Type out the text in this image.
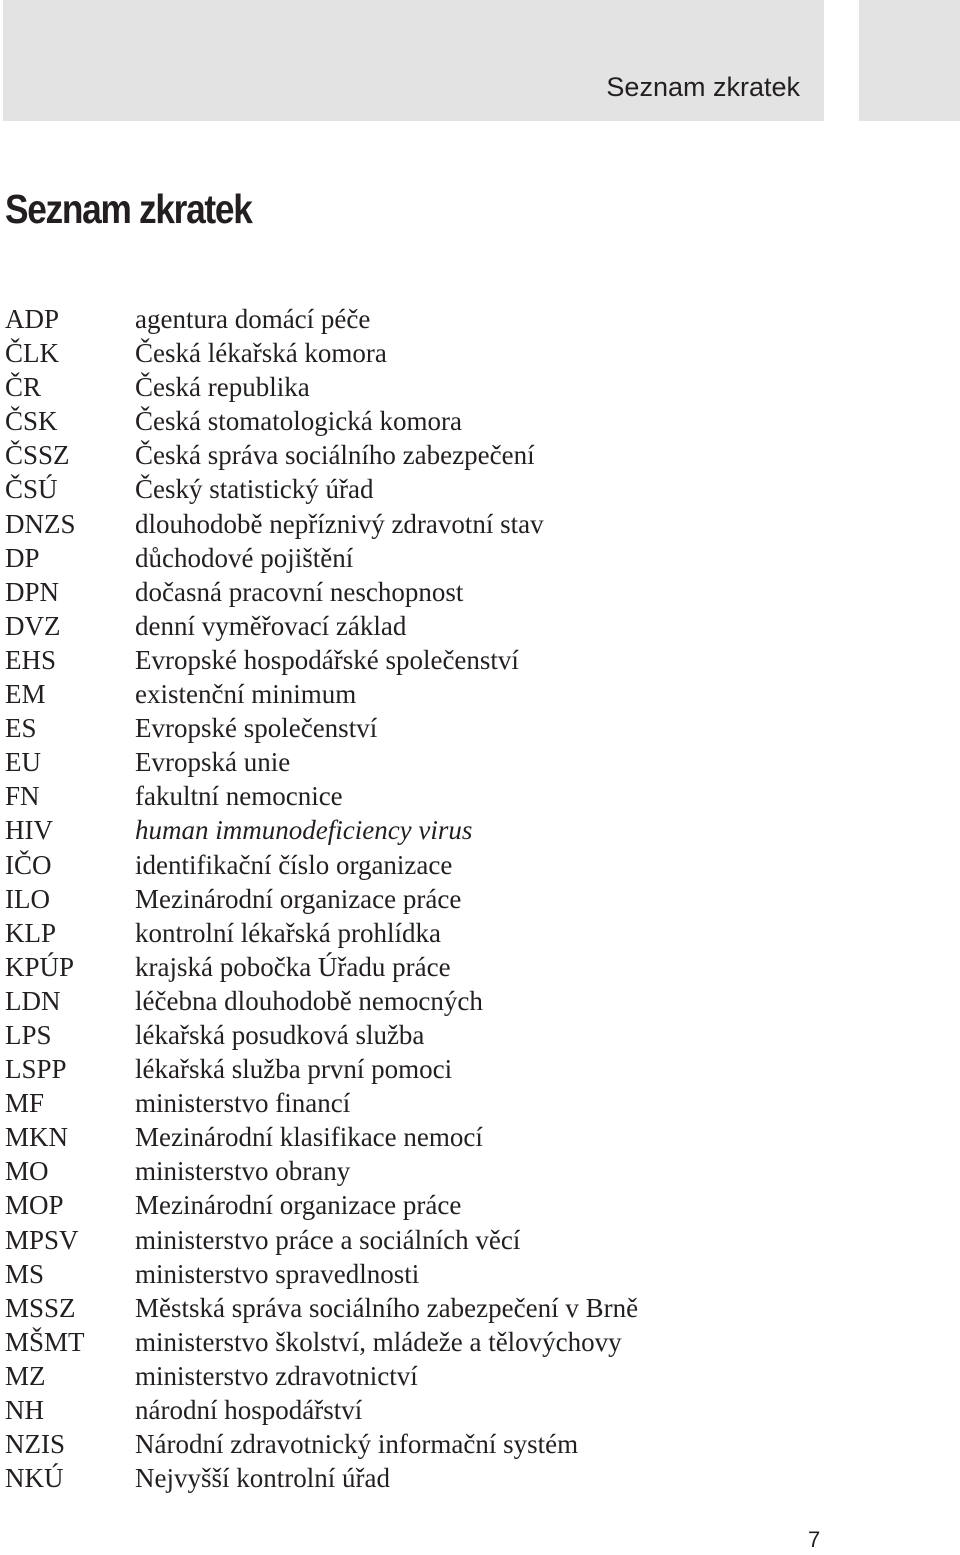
Seznam zkratek
Seznam zkratek
ADP	agentura domácí péče
ČLK	Česká lékařská komora
ČR	Česká republika
ČSK	Česká stomatologická komora
ČSSZ Česká správa sociálního zabezpečení
ČSÚ	Český statistický úřad
DNZS dlouhodobě nepříznivý zdravotní stav
DP	důchodové pojištění
DPN	dočasná pracovní neschopnost
DVZ	denní vyměřovací základ
EHS	Evropské hospodářské společenství
EM	existenční minimum
ES	Evropské společenství
EU	Evropská unie
FN	fakultní nemocnice
HIV	human immunodeficiency virus
IČO	identifikační číslo organizace
ILO	Mezinárodní organizace práce
KLP	kontrolní lékařská prohlídka
KPÚP krajská pobočka Úřadu práce
LDN	léčebna dlouhodobě nemocných
LPS	lékařská posudková služba
LSPP	lékařská služba první pomoci
MF	ministerstvo financí
MKN Mezinárodní klasifikace nemocí
MO	ministerstvo obrany
MOP	Mezinárodní organizace práce
MPSV ministerstvo práce a sociálních věcí
MS	ministerstvo spravedlnosti
MSSZ Městská správa sociálního zabezpečení v Brně
MŠMT ministerstvo školství, mládeže a tělovýchovy
MZ	ministerstvo zdravotnictví
NH	národní hospodářství
NZIS	Národní zdravotnický informační systém
NKÚ	Nejvyšší kontrolní úřad
7
